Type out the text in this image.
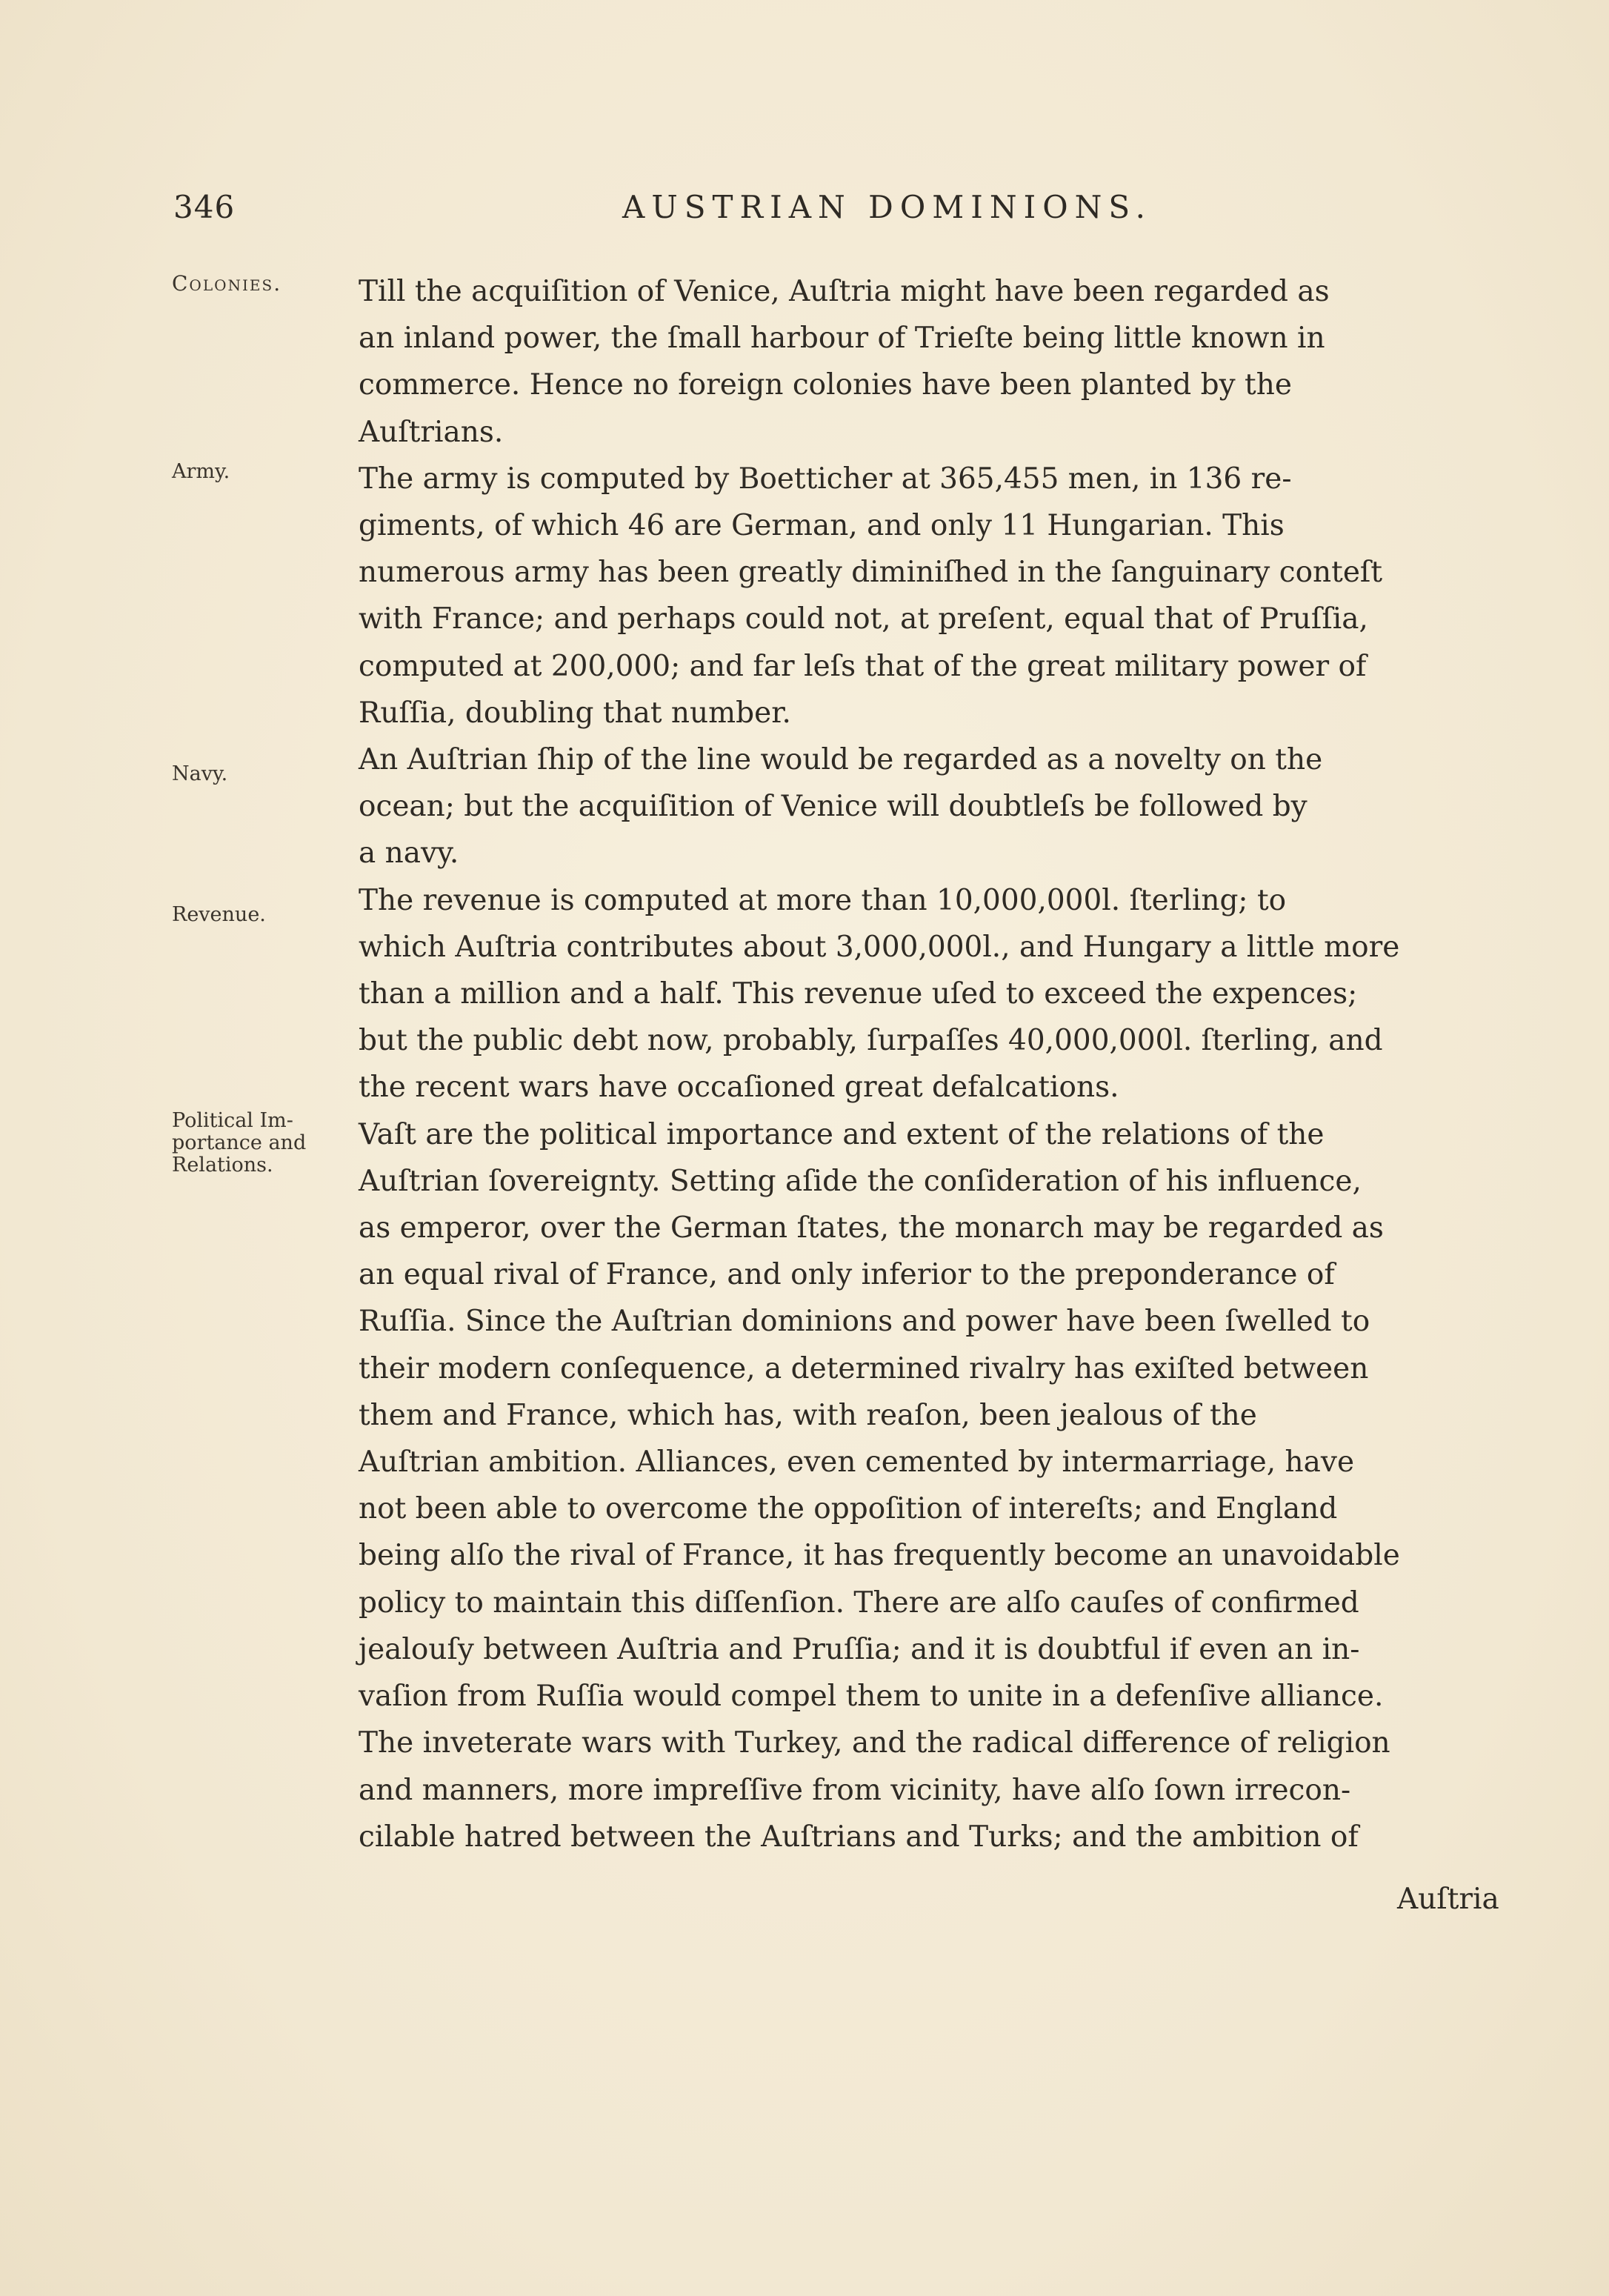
346	AUSTRIAN DOMINIONS.
Colonies.
Army.
Navy.
Revenue.
Political Im-
portance and
Relations.

Till the acquiſition of Venice, Auſtria might have been regarded as
an inland power, the ſmall harbour of Trieſte being little known in
commerce. Hence no foreign colonies have been planted by the
Auſtrians.

The army is computed by Boetticher at 365,455 men, in 136 re-
giments, of which 46 are German, and only 11 Hungarian. This
numerous army has been greatly diminiſhed in the ſanguinary conteſt
with France; and perhaps could not, at preſent, equal that of Pruſſia,
computed at 200,000; and far leſs that of the great military power of
Ruſſia, doubling that number.

An Auſtrian ſhip of the line would be regarded as a novelty on the
ocean; but the acquiſition of Venice will doubtleſs be followed by
a navy.

The revenue is computed at more than 10,000,000l. ſterling; to
which Auſtria contributes about 3,000,000l., and Hungary a little more
than a million and a half. This revenue uſed to exceed the expences;
but the public debt now, probably, ſurpaſſes 40,000,000l. ſterling, and
the recent wars have occaſioned great defalcations.

Vaſt are the political importance and extent of the relations of the
Auſtrian ſovereignty. Setting aſide the conſideration of his influence,
as emperor, over the German ſtates, the monarch may be regarded as
an equal rival of France, and only inferior to the preponderance of
Ruſſia. Since the Auſtrian dominions and power have been ſwelled to
their modern conſequence, a determined rivalry has exiſted between
them and France, which has, with reaſon, been jealous of the
Auſtrian ambition. Alliances, even cemented by intermarriage, have
not been able to overcome the oppoſition of intereſts; and England
being alſo the rival of France, it has frequently become an unavoidable
policy to maintain this diſſenſion. There are alſo cauſes of confirmed
jealouſy between Auſtria and Pruſſia; and it is doubtful if even an in-
vaſion from Ruſſia would compel them to unite in a defenſive alliance.
The inveterate wars with Turkey, and the radical difference of religion
and manners, more impreſſive from vicinity, have alſo ſown irrecon-
cilable hatred between the Auſtrians and Turks; and the ambition of

Auſtria
